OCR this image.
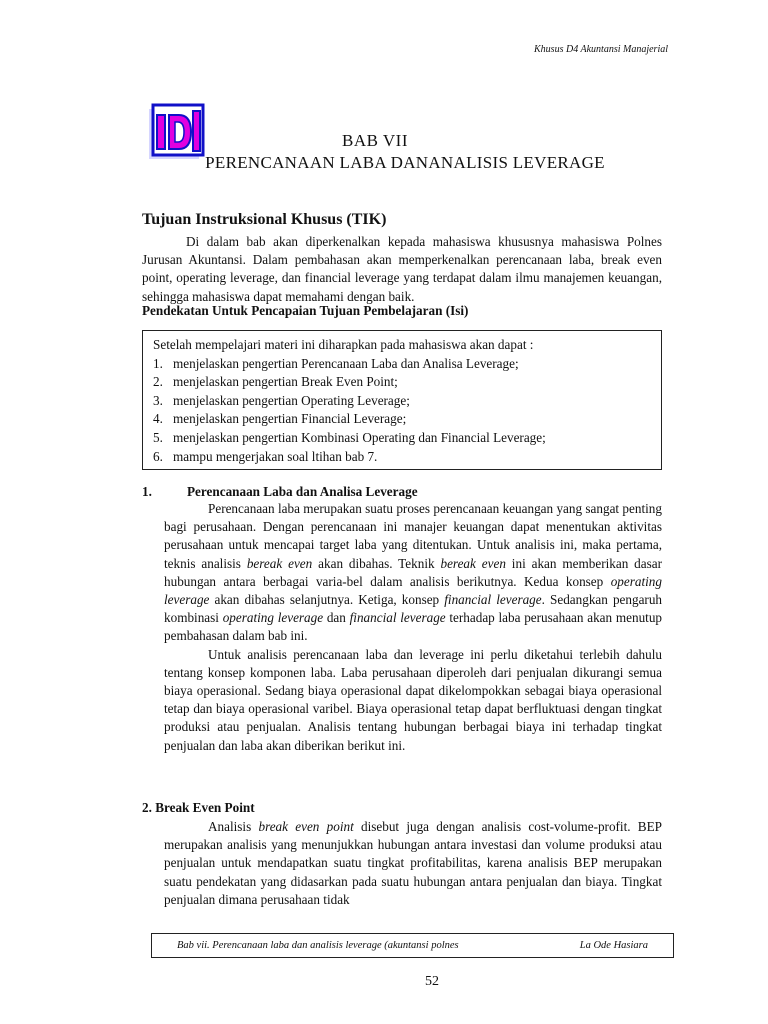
Khusus D4 Akuntansi Manajerial
BAB VII
PERENCANAAN LABA DANANALISIS LEVERAGE
Tujuan Instruksional Khusus (TIK)

Di dalam bab akan diperkenalkan kepada mahasiswa khususnya mahasiswa Polnes Jurusan Akuntansi. Dalam pembahasan akan memperkenalkan perencanaan laba, break even point, operating leverage, dan financial leverage yang terdapat dalam ilmu manajemen keuangan, sehingga mahasiswa dapat memahami dengan baik.

Pendekatan Untuk Pencapaian Tujuan Pembelajaran (Isi)
Setelah mempelajari materi ini diharapkan pada mahasiswa akan dapat :
1. menjelaskan pengertian Perencanaan Laba dan Analisa Leverage;
2. menjelaskan pengertian Break Even Point;
3. menjelaskan pengertian Operating Leverage;
4. menjelaskan pengertian Financial Leverage;
5. menjelaskan pengertian Kombinasi Operating dan Financial Leverage;
6. mampu mengerjakan soal ltihan bab 7.
1.	Perencanaan Laba dan Analisa Leverage

Perencanaan laba merupakan suatu proses perencanaan keuangan yang sangat penting bagi perusahaan. Dengan perencanaan ini manajer keuangan dapat menentukan aktivitas perusahaan untuk mencapai target laba yang ditentukan. Untuk analisis ini, maka pertama, teknis analisis bereak even akan dibahas. Teknik bereak even ini akan memberikan dasar hubungan antara berbagai varia-bel dalam analisis berikutnya. Kedua konsep operating leverage akan dibahas selanjutnya. Ketiga, konsep financial leverage. Sedangkan pengaruh kombinasi operating leverage dan financial leverage terhadap laba perusahaan akan menutup pembahasan dalam bab ini.

Untuk analisis perencanaan laba dan leverage ini perlu diketahui terlebih dahulu tentang konsep komponen laba. Laba perusahaan diperoleh dari penjualan dikurangi semua biaya operasional. Sedang biaya operasional dapat dikelompokkan sebagai biaya operasional tetap dan biaya operasional varibel. Biaya operasional tetap dapat berfluktuasi dengan tingkat produksi atau penjualan. Analisis tentang hubungan berbagai biaya ini terhadap tingkat penjualan dan laba akan diberikan berikut ini.

2. Break Even Point

Analisis break even point disebut juga dengan analisis cost-volume-profit. BEP merupakan analisis yang menunjukkan hubungan antara investasi dan volume produksi atau penjualan untuk mendapatkan suatu tingkat profitabilitas, karena analisis BEP merupakan suatu pendekatan yang didasarkan pada suatu hubungan antara penjualan dan biaya. Tingkat penjualan dimana perusahaan tidak

Bab vii. Perencanaan laba dan analisis leverage (akuntansi polnes	La Ode Hasiara
52
